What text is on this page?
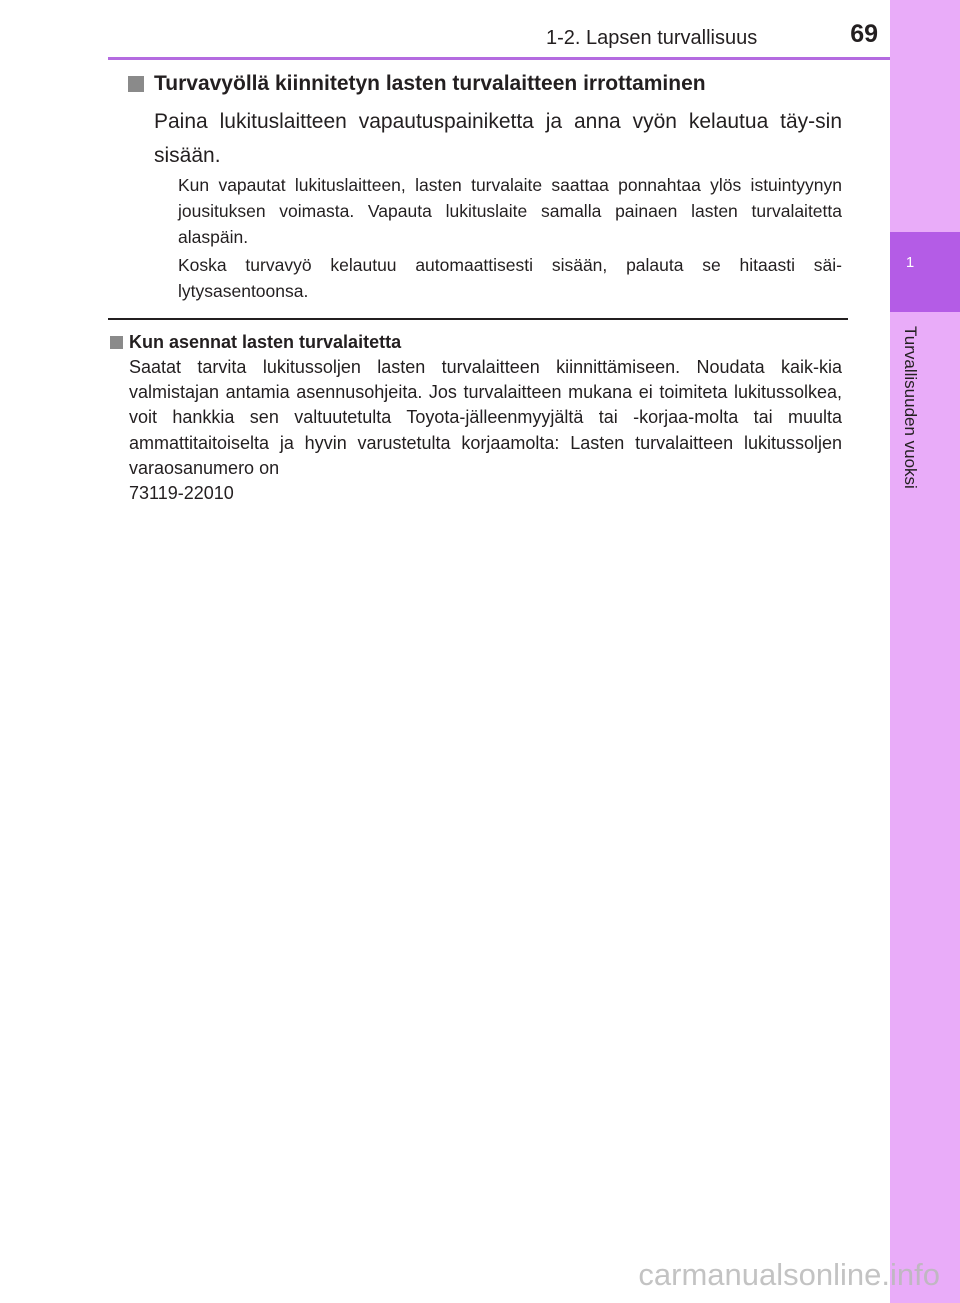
1-2. Lapsen turvallisuus	69
1
Turvallisuuden vuoksi
Turvavyöllä kiinnitetyn lasten turvalaitteen irrottaminen
Paina lukituslaitteen vapautuspainiketta ja anna vyön kelautua täy-sin sisään.
Kun vapautat lukituslaitteen, lasten turvalaite saattaa ponnahtaa ylös istuintyynyn jousituksen voimasta. Vapauta lukituslaite samalla painaen lasten turvalaitetta alaspäin.
Koska turvavyö kelautuu automaattisesti sisään, palauta se hitaasti säi-lytysasentoonsa.
Kun asennat lasten turvalaitetta
Saatat tarvita lukitussoljen lasten turvalaitteen kiinnittämiseen. Noudata kaik-kia valmistajan antamia asennusohjeita. Jos turvalaitteen mukana ei toimiteta lukitussolkea, voit hankkia sen valtuutetulta Toyota-jälleenmyyjältä tai -korjaa-molta tai muulta ammattitaitoiselta ja hyvin varustetulta korjaamolta: Lasten turvalaitteen lukitussoljen varaosanumero on
73119-22010
carmanualsonline.info
